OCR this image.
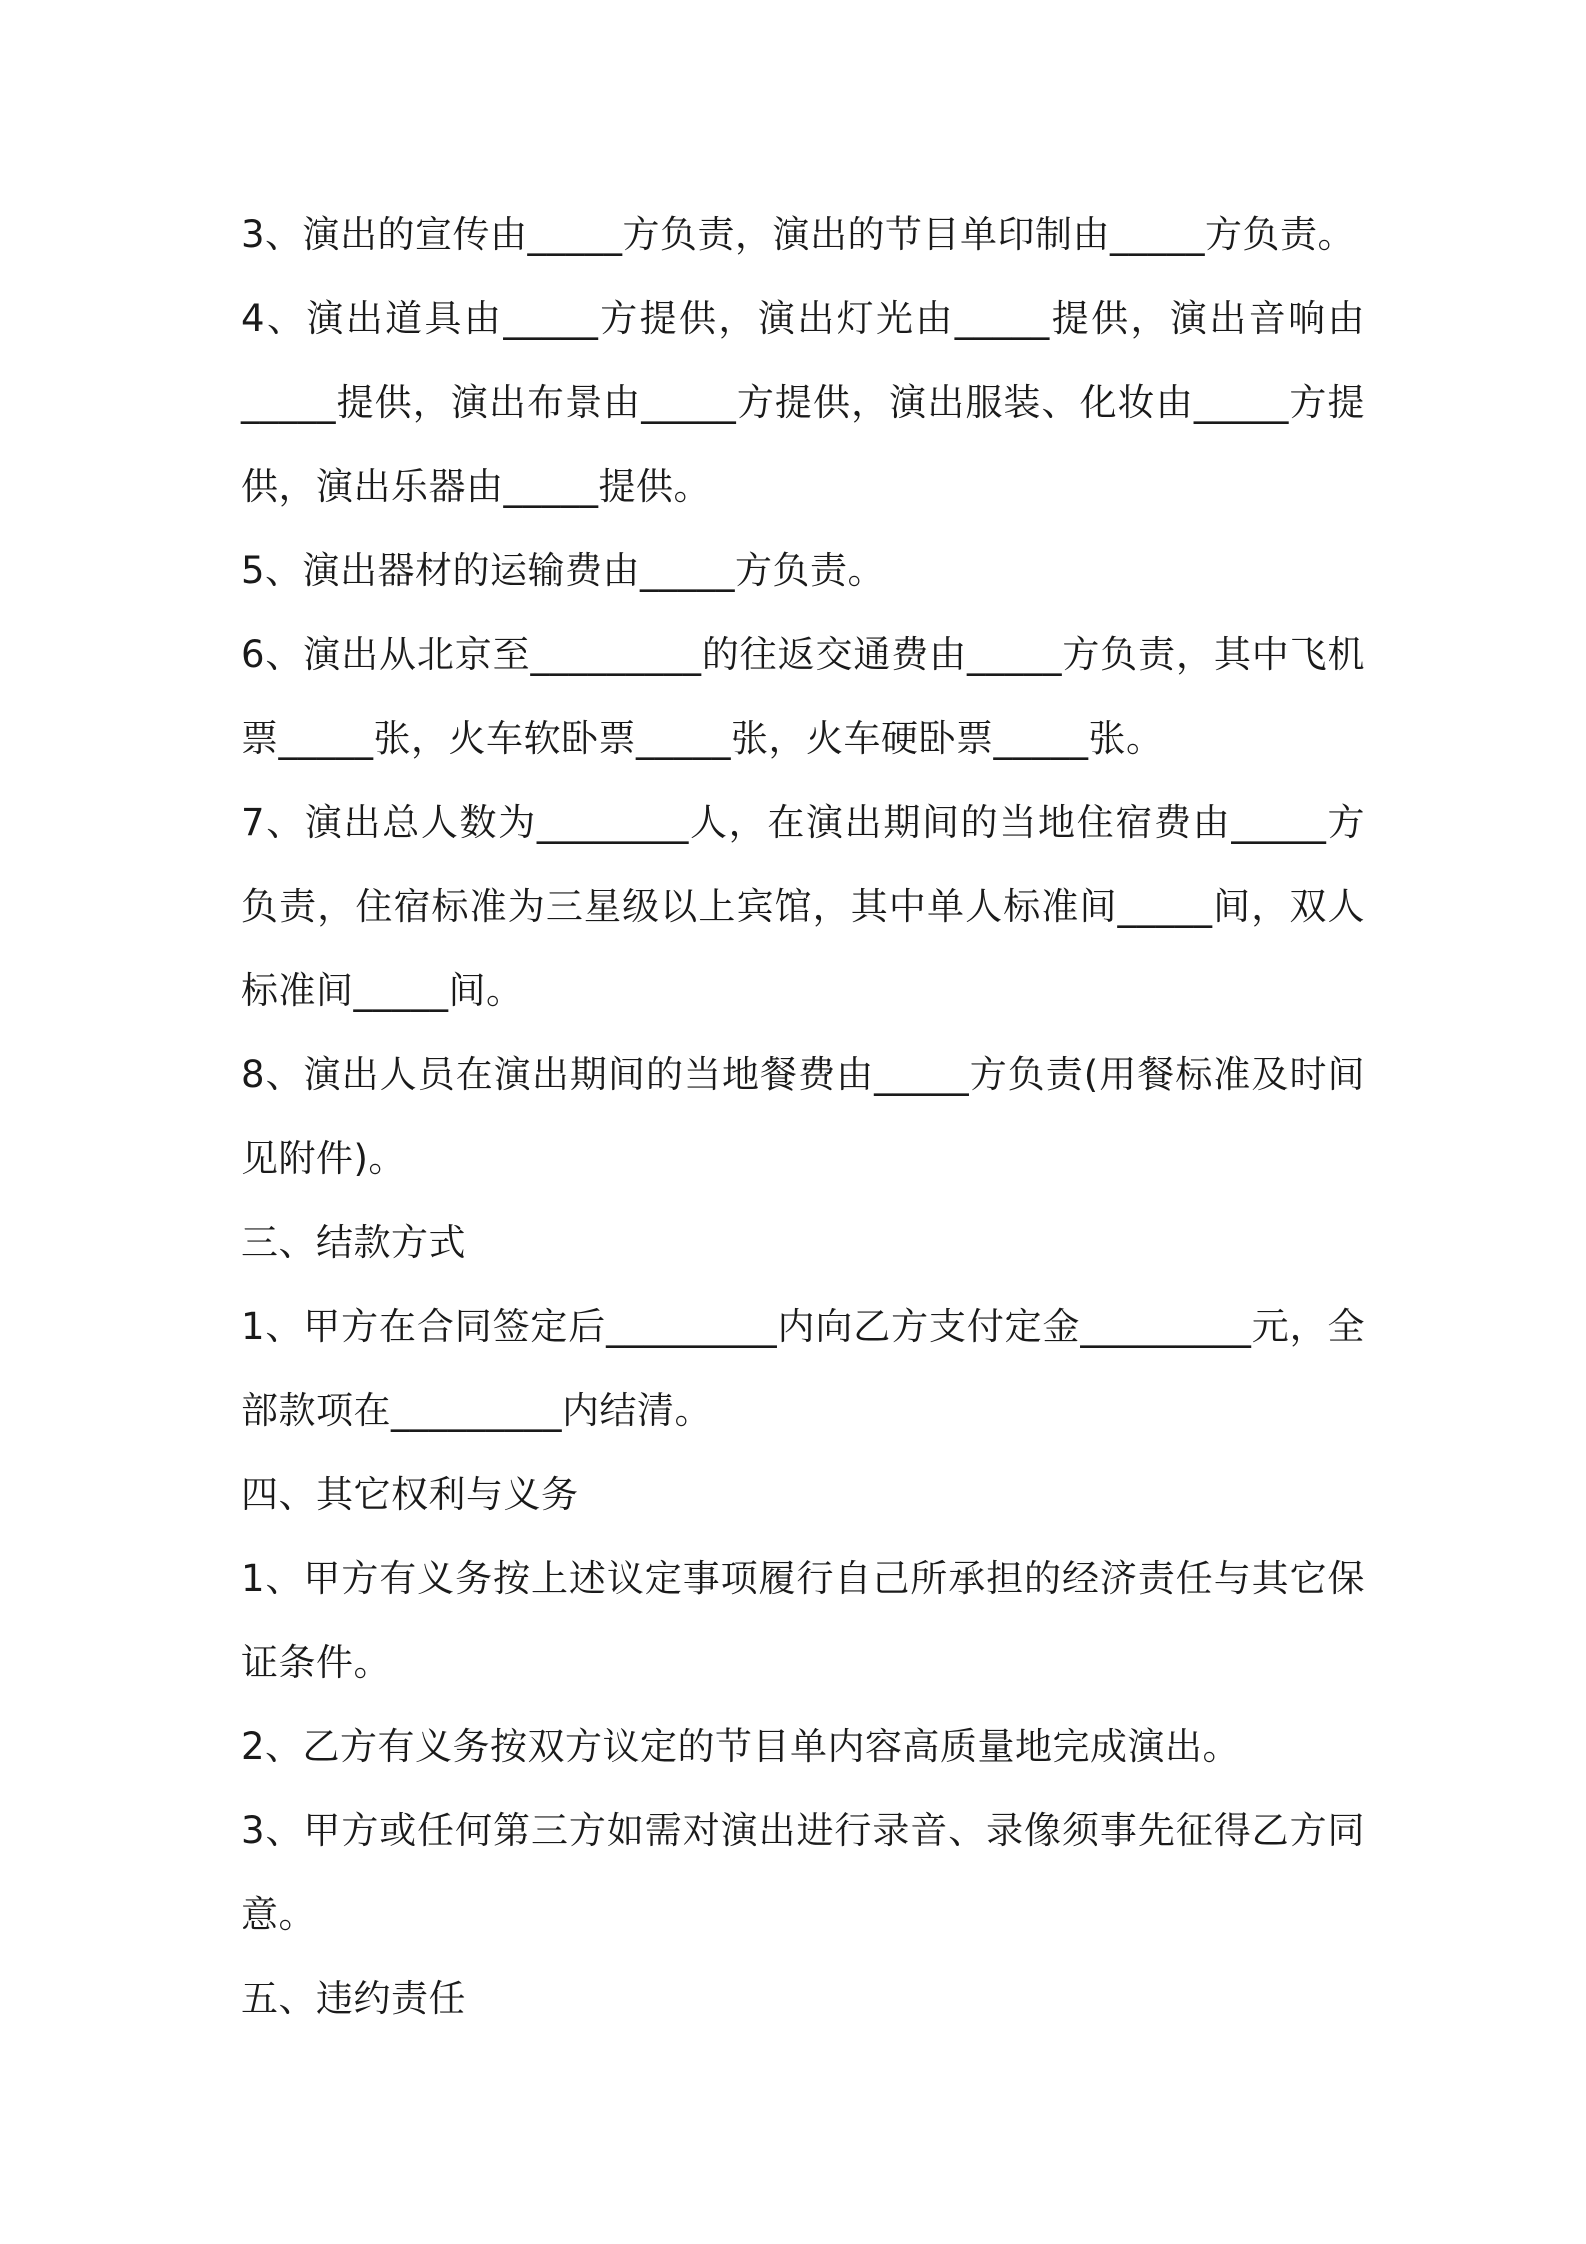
3、演出的宣传由_____方负责，演出的节目单印制由_____方负责。

4、演出道具由_____方提供，演出灯光由_____提供，演出音响由_____提供，演出布景由_____方提供，演出服装、化妆由_____方提供，演出乐器由_____提供。

5、演出器材的运输费由_____方负责。

6、演出从北京至_________的往返交通费由_____方负责，其中飞机票_____张，火车软卧票_____张，火车硬卧票_____张。

7、演出总人数为________人，在演出期间的当地住宿费由_____方负责，住宿标准为三星级以上宾馆，其中单人标准间_____间，双人标准间_____间。

8、演出人员在演出期间的当地餐费由_____方负责(用餐标准及时间见附件)。

三、结款方式

1、甲方在合同签定后_________内向乙方支付定金_________元，全部款项在_________内结清。

四、其它权利与义务

1、甲方有义务按上述议定事项履行自己所承担的经济责任与其它保证条件。

2、乙方有义务按双方议定的节目单内容高质量地完成演出。

3、甲方或任何第三方如需对演出进行录音、录像须事先征得乙方同意。

五、违约责任
